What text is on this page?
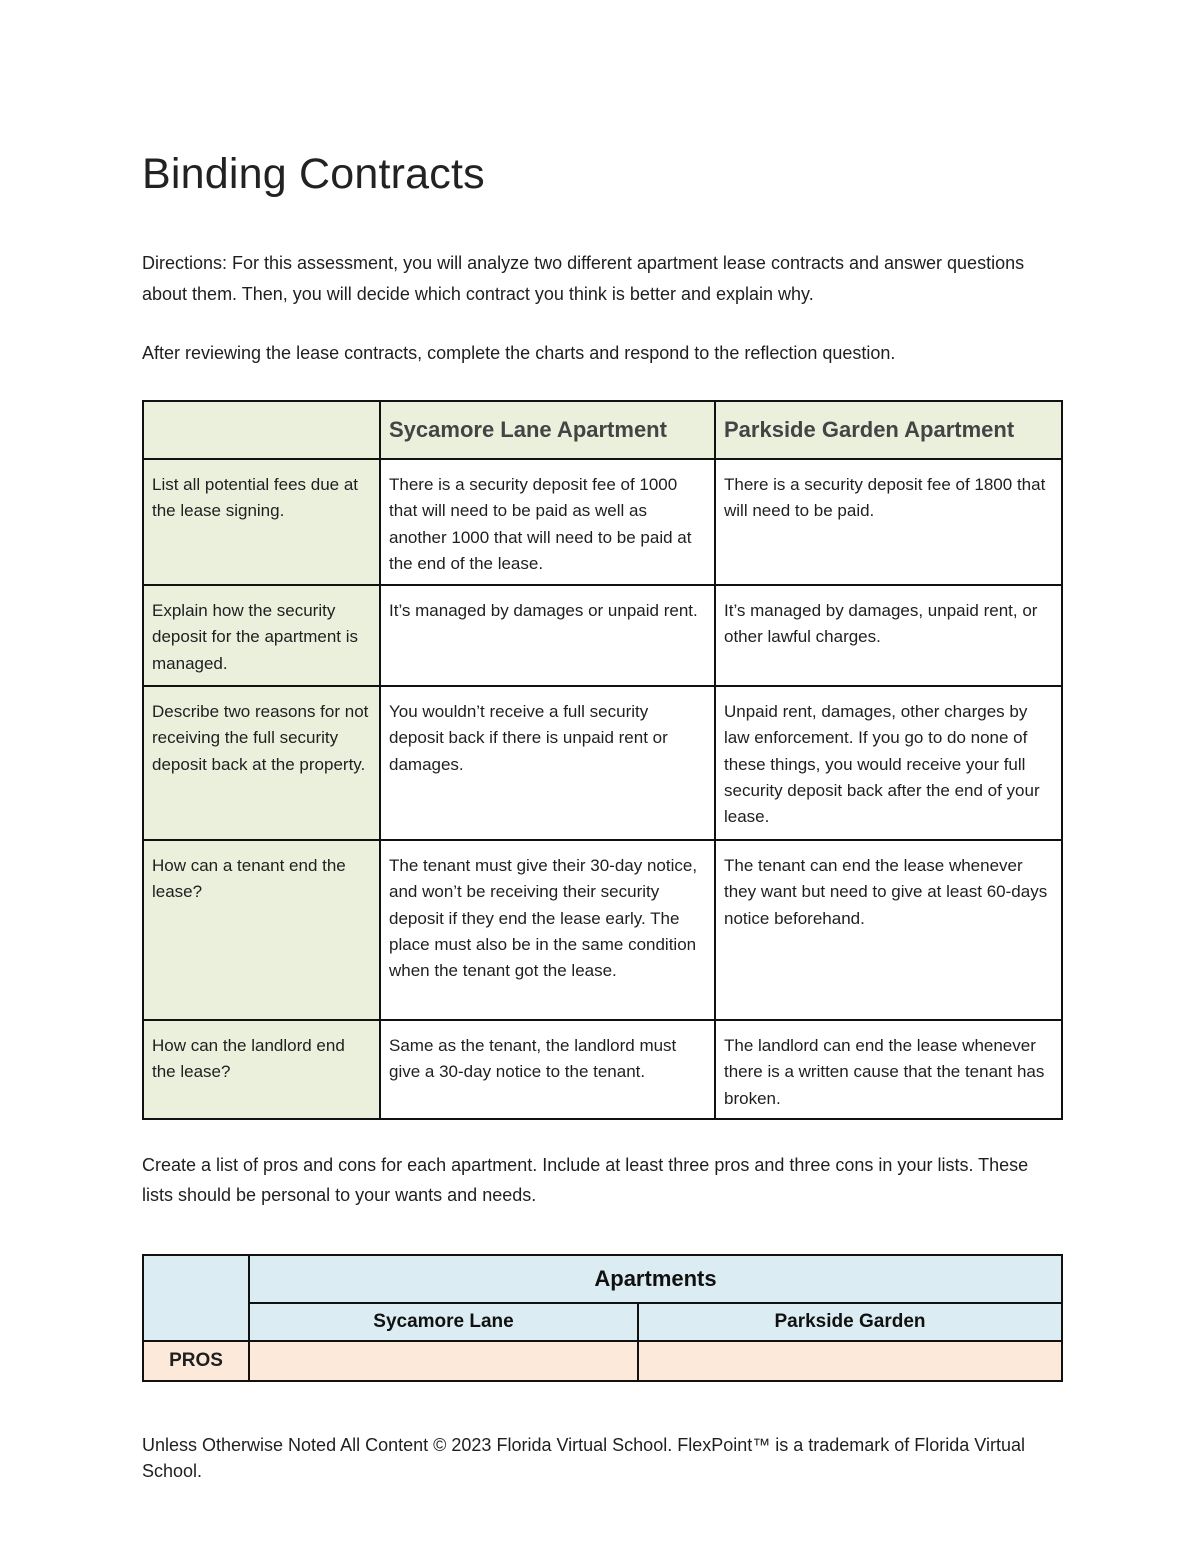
Binding Contracts

Directions: For this assessment, you will analyze two different apartment lease contracts and answer questions about them. Then, you will decide which contract you think is better and explain why.

After reviewing the lease contracts, complete the charts and respond to the reflection question.

	Sycamore Lane Apartment	Parkside Garden Apartment
List all potential fees due at the lease signing.	There is a security deposit fee of 1000 that will need to be paid as well as another 1000 that will need to be paid at the end of the lease.	There is a security deposit fee of 1800 that will need to be paid.
Explain how the security deposit for the apartment is managed.	It’s managed by damages or unpaid rent.	It’s managed by damages, unpaid rent, or other lawful charges.
Describe two reasons for not receiving the full security deposit back at the property.	You wouldn’t receive a full security deposit back if there is unpaid rent or damages.	Unpaid rent, damages, other charges by law enforcement. If you go to do none of these things, you would receive your full security deposit back after the end of your lease.
How can a tenant end the lease?	The tenant must give their 30-day notice, and won’t be receiving their security deposit if they end the lease early. The place must also be in the same condition when the tenant got the lease.	The tenant can end the lease whenever they want but need to give at least 60-days notice beforehand.
How can the landlord end the lease?	Same as the tenant, the landlord must give a 30-day notice to the tenant.	The landlord can end the lease whenever there is a written cause that the tenant has broken.

Create a list of pros and cons for each apartment. Include at least three pros and three cons in your lists. These lists should be personal to your wants and needs.

	Apartments	
	Sycamore Lane	Parkside Garden
PROS		

Unless Otherwise Noted All Content © 2023 Florida Virtual School. FlexPoint™ is a trademark of Florida Virtual School.
